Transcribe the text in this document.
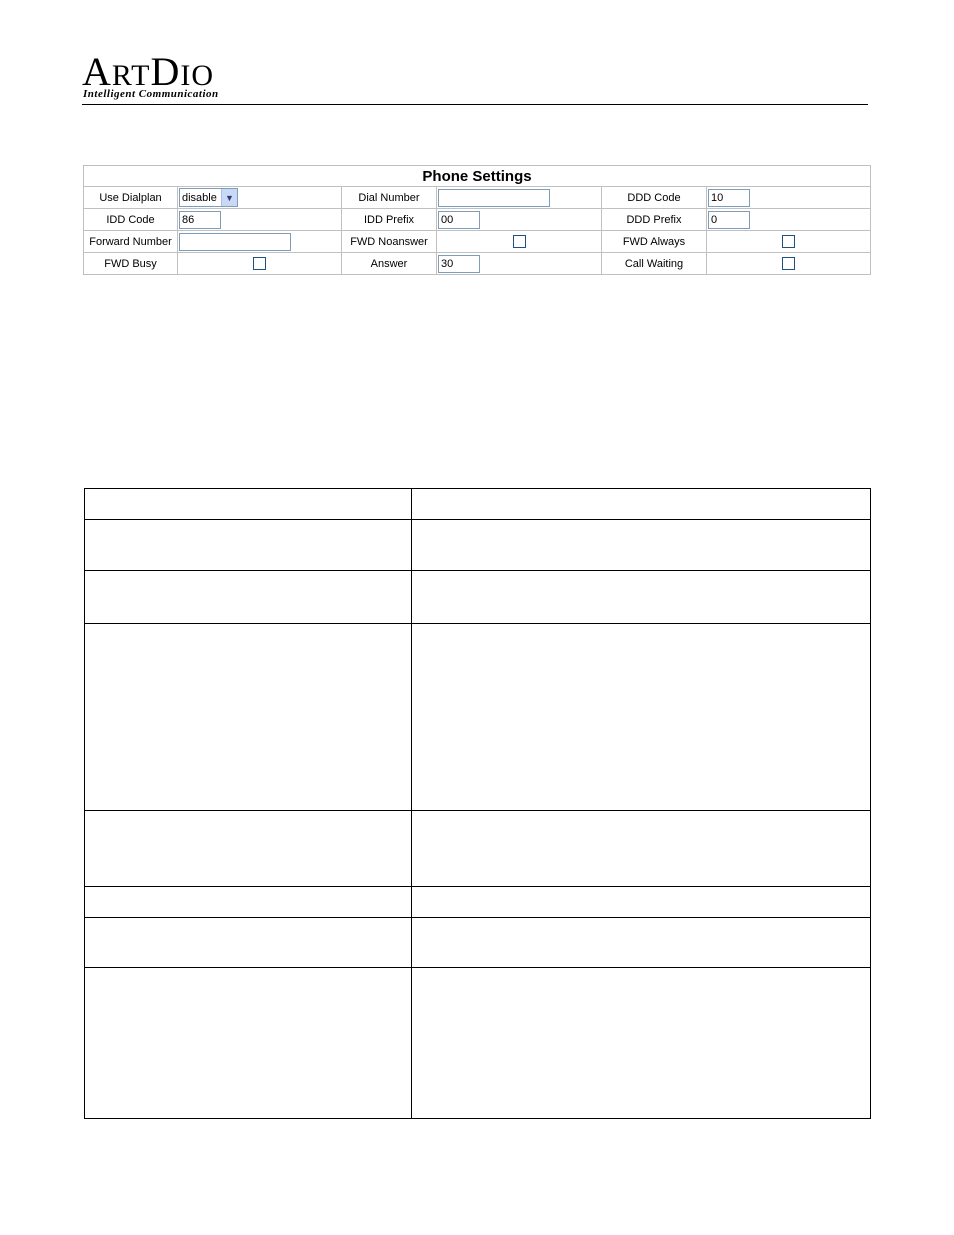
ARTDIO
Intelligent Communication
Phone Settings					
Use Dialplan	disable ▼	Dial Number		DDD Code	10
IDD Code	86	IDD Prefix	00	DDD Prefix	0
Forward Number		FWD Noanswer		FWD Always	
FWD Busy		Answer	30	Call Waiting	
